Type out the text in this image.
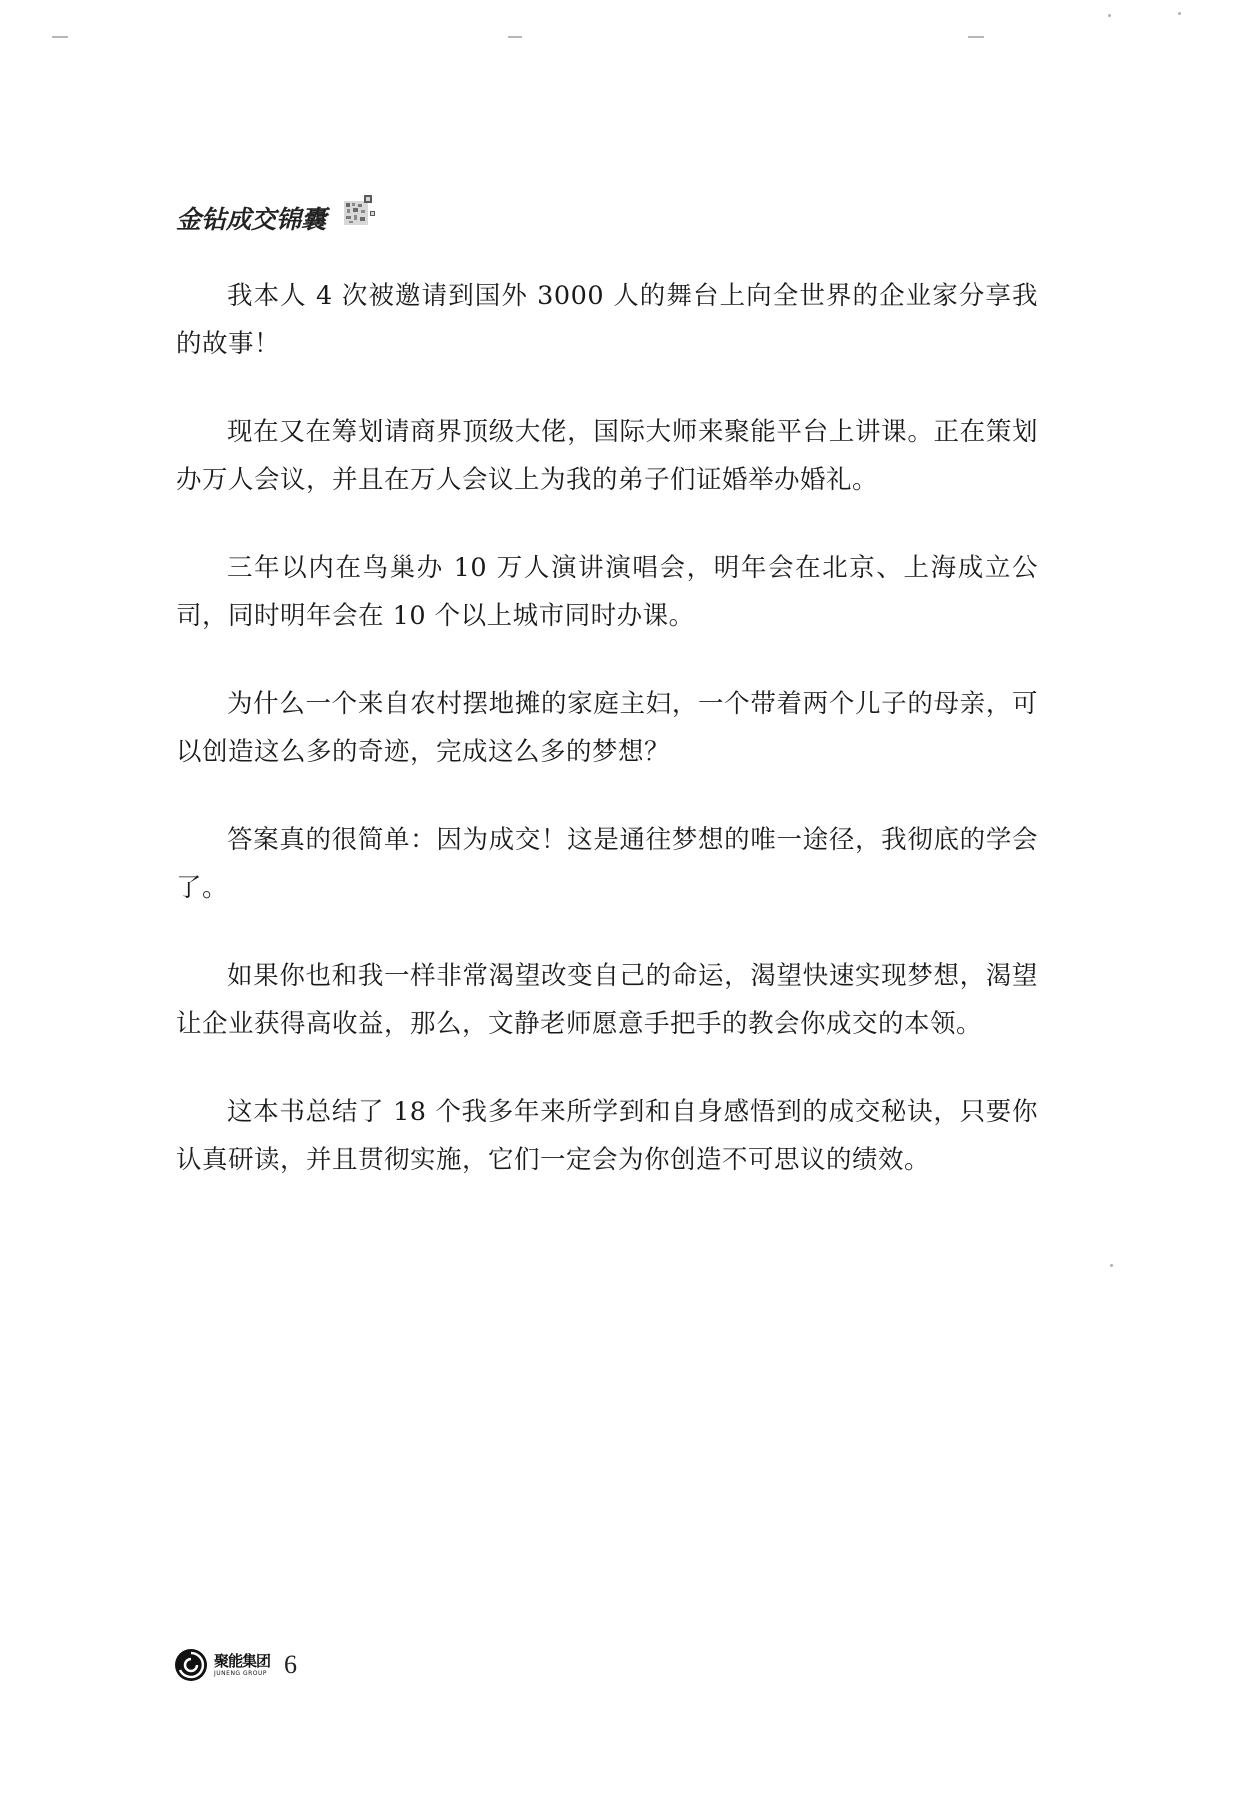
金钻成交锦囊

我本人 4 次被邀请到国外 3000 人的舞台上向全世界的企业家分享我的故事！

现在又在筹划请商界顶级大佬，国际大师来聚能平台上讲课。正在策划办万人会议，并且在万人会议上为我的弟子们证婚举办婚礼。

三年以内在鸟巢办 10 万人演讲演唱会，明年会在北京、上海成立公司，同时明年会在 10 个以上城市同时办课。

为什么一个来自农村摆地摊的家庭主妇，一个带着两个儿子的母亲，可以创造这么多的奇迹，完成这么多的梦想？

答案真的很简单：因为成交！这是通往梦想的唯一途径，我彻底的学会了。

如果你也和我一样非常渴望改变自己的命运，渴望快速实现梦想，渴望让企业获得高收益，那么，文静老师愿意手把手的教会你成交的本领。

这本书总结了 18 个我多年来所学到和自身感悟到的成交秘诀，只要你认真研读，并且贯彻实施，它们一定会为你创造不可思议的绩效。

聚能集团
JUNENG GROUP 6
